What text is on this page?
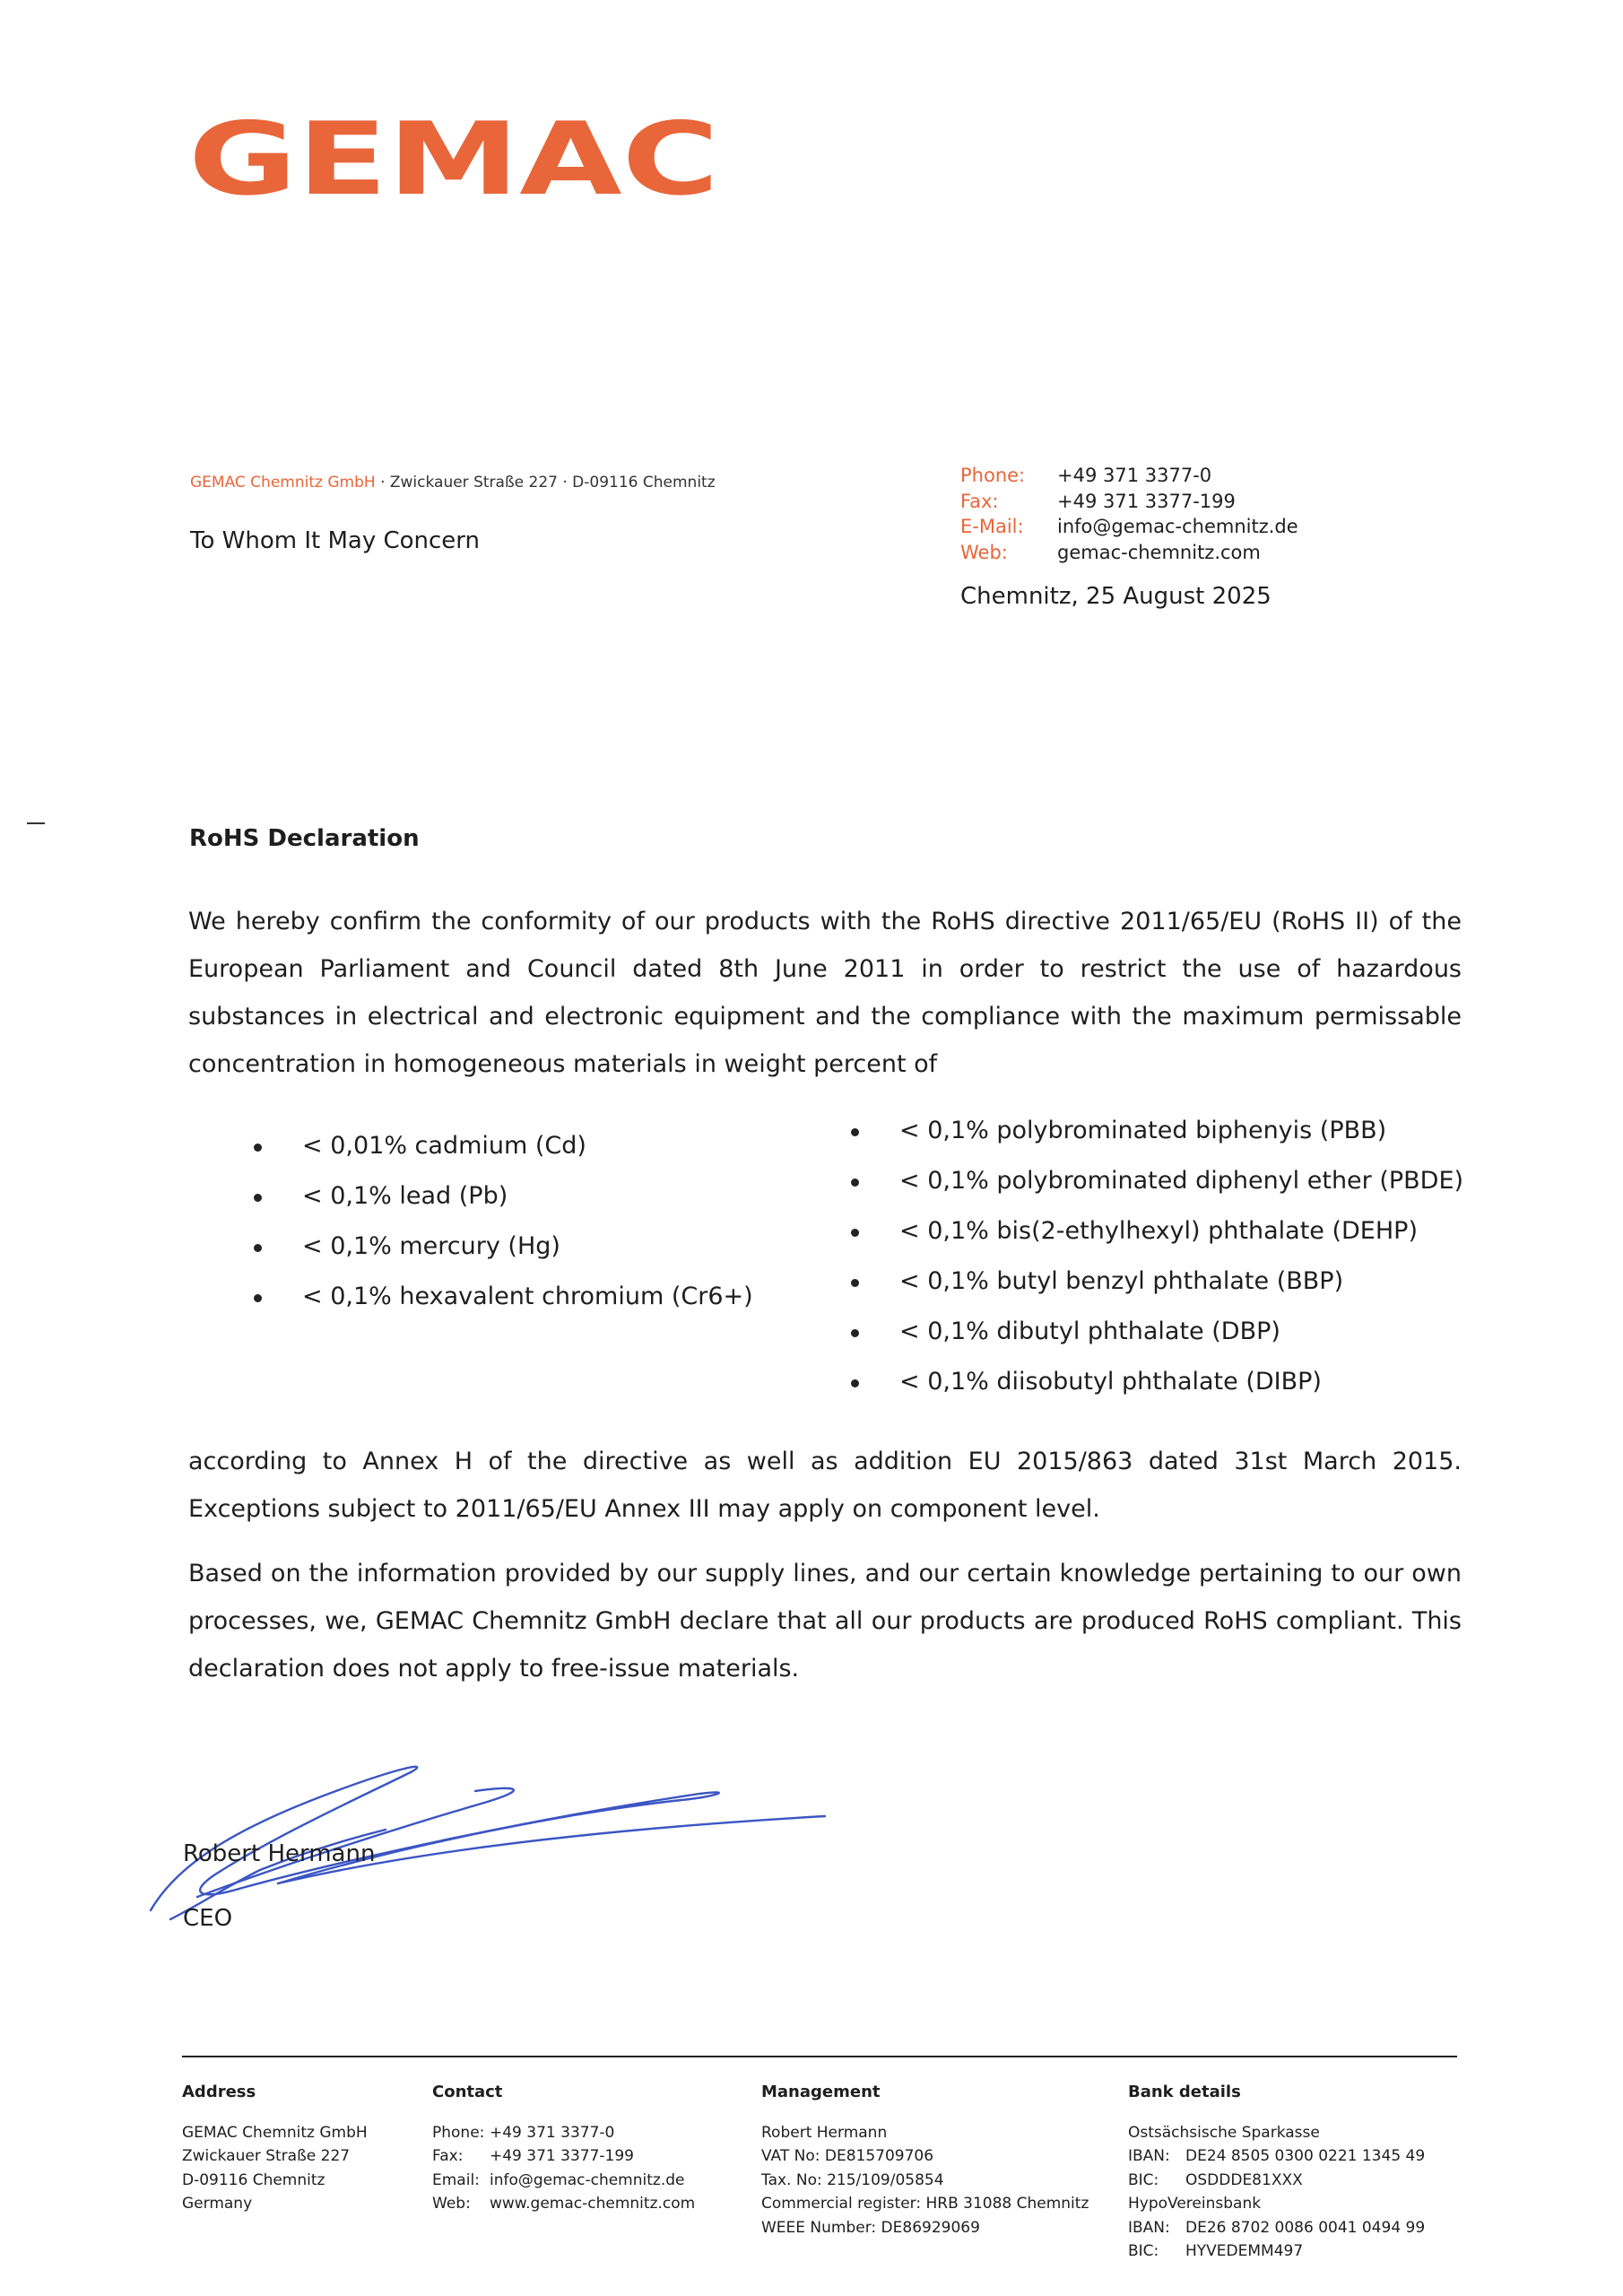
GEMAC
GEMAC Chemnitz GmbH · Zwickauer Straße 227 · D-09116 Chemnitz
To Whom It May Concern
Phone:	+49 371 3377-0
Fax:	+49 371 3377-199
E-Mail:	info@gemac-chemnitz.de
Web:	gemac-chemnitz.com
Chemnitz, 25 August 2025
RoHS Declaration
We hereby confirm the conformity of our products with the RoHS directive 2011/65/EU (RoHS II) of the European Parliament and Council dated 8th June 2011 in order to restrict the use of hazardous substances in electrical and electronic equipment and the compliance with the maximum permissable concentration in homogeneous materials in weight percent of
< 0,01% cadmium (Cd)
< 0,1% lead (Pb)
< 0,1% mercury (Hg)
< 0,1% hexavalent chromium (Cr6+)
< 0,1% polybrominated biphenyis (PBB)
< 0,1% polybrominated diphenyl ether (PBDE)
< 0,1% bis(2-ethylhexyl) phthalate (DEHP)
< 0,1% butyl benzyl phthalate (BBP)
< 0,1% dibutyl phthalate (DBP)
< 0,1% diisobutyl phthalate (DIBP)
according to Annex H of the directive as well as addition EU 2015/863 dated 31st March 2015. Exceptions subject to 2011/65/EU Annex III may apply on component level.
Based on the information provided by our supply lines, and our certain knowledge pertaining to our own processes, we, GEMAC Chemnitz GmbH declare that all our products are produced RoHS compliant. This declaration does not apply to free-issue materials.
Robert Hermann
CEO
Address
GEMAC Chemnitz GmbH
Zwickauer Straße 227
D-09116 Chemnitz
Germany
Contact
Phone: +49 371 3377-0
Fax:	+49 371 3377-199
Email: info@gemac-chemnitz.de
Web:	www.gemac-chemnitz.com
Management
Robert Hermann
VAT No: DE815709706
Tax. No: 215/109/05854
Commercial register: HRB 31088 Chemnitz
WEEE Number: DE86929069
Bank details
Ostsächsische Sparkasse
IBAN:	DE24 8505 0300 0221 1345 49
BIC:	OSDDDE81XXX
HypoVereinsbank
IBAN:	DE26 8702 0086 0041 0494 99
BIC:	HYVEDEMM497
